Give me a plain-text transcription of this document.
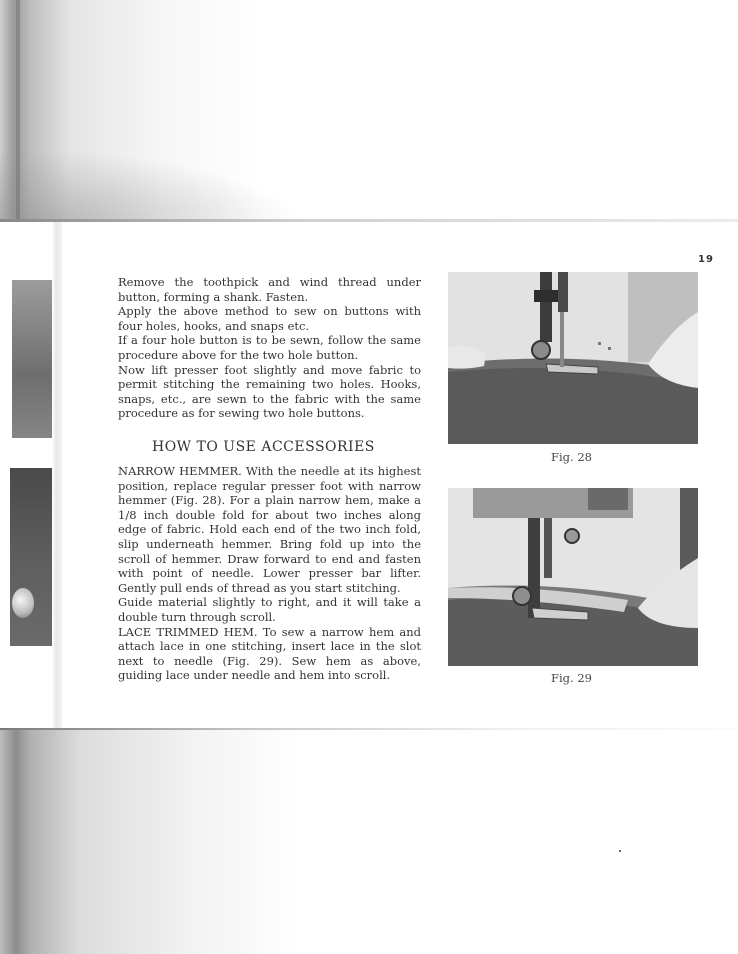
19

Remove the toothpick and wind thread under button, forming a shank. Fasten.

Apply the above method to sew on buttons with four holes, hooks, and snaps etc.

If a four hole button is to be sewn, follow the same procedure above for the two hole button.

Now lift presser foot slightly and move fabric to permit stitching the remaining two holes. Hooks, snaps, etc., are sewn to the fabric with the same procedure as for sewing two hole buttons.

HOW TO USE ACCESSORIES

NARROW HEMMER. With the needle at its highest position, replace regular presser foot with narrow hemmer (Fig. 28). For a plain narrow hem, make a 1/8 inch double fold for about two inches along edge of fabric. Hold each end of the two inch fold, slip underneath hemmer. Bring fold up into the scroll of hemmer. Draw forward to end and fasten with point of needle. Lower presser bar lifter. Gently pull ends of thread as you start stitching.

Guide material slightly to right, and it will take a double turn through scroll.

LACE TRIMMED HEM. To sew a narrow hem and attach lace in one stitching, insert lace in the slot next to needle (Fig. 29). Sew hem as above, guiding lace under needle and hem into scroll.

Fig. 28
Fig. 29
